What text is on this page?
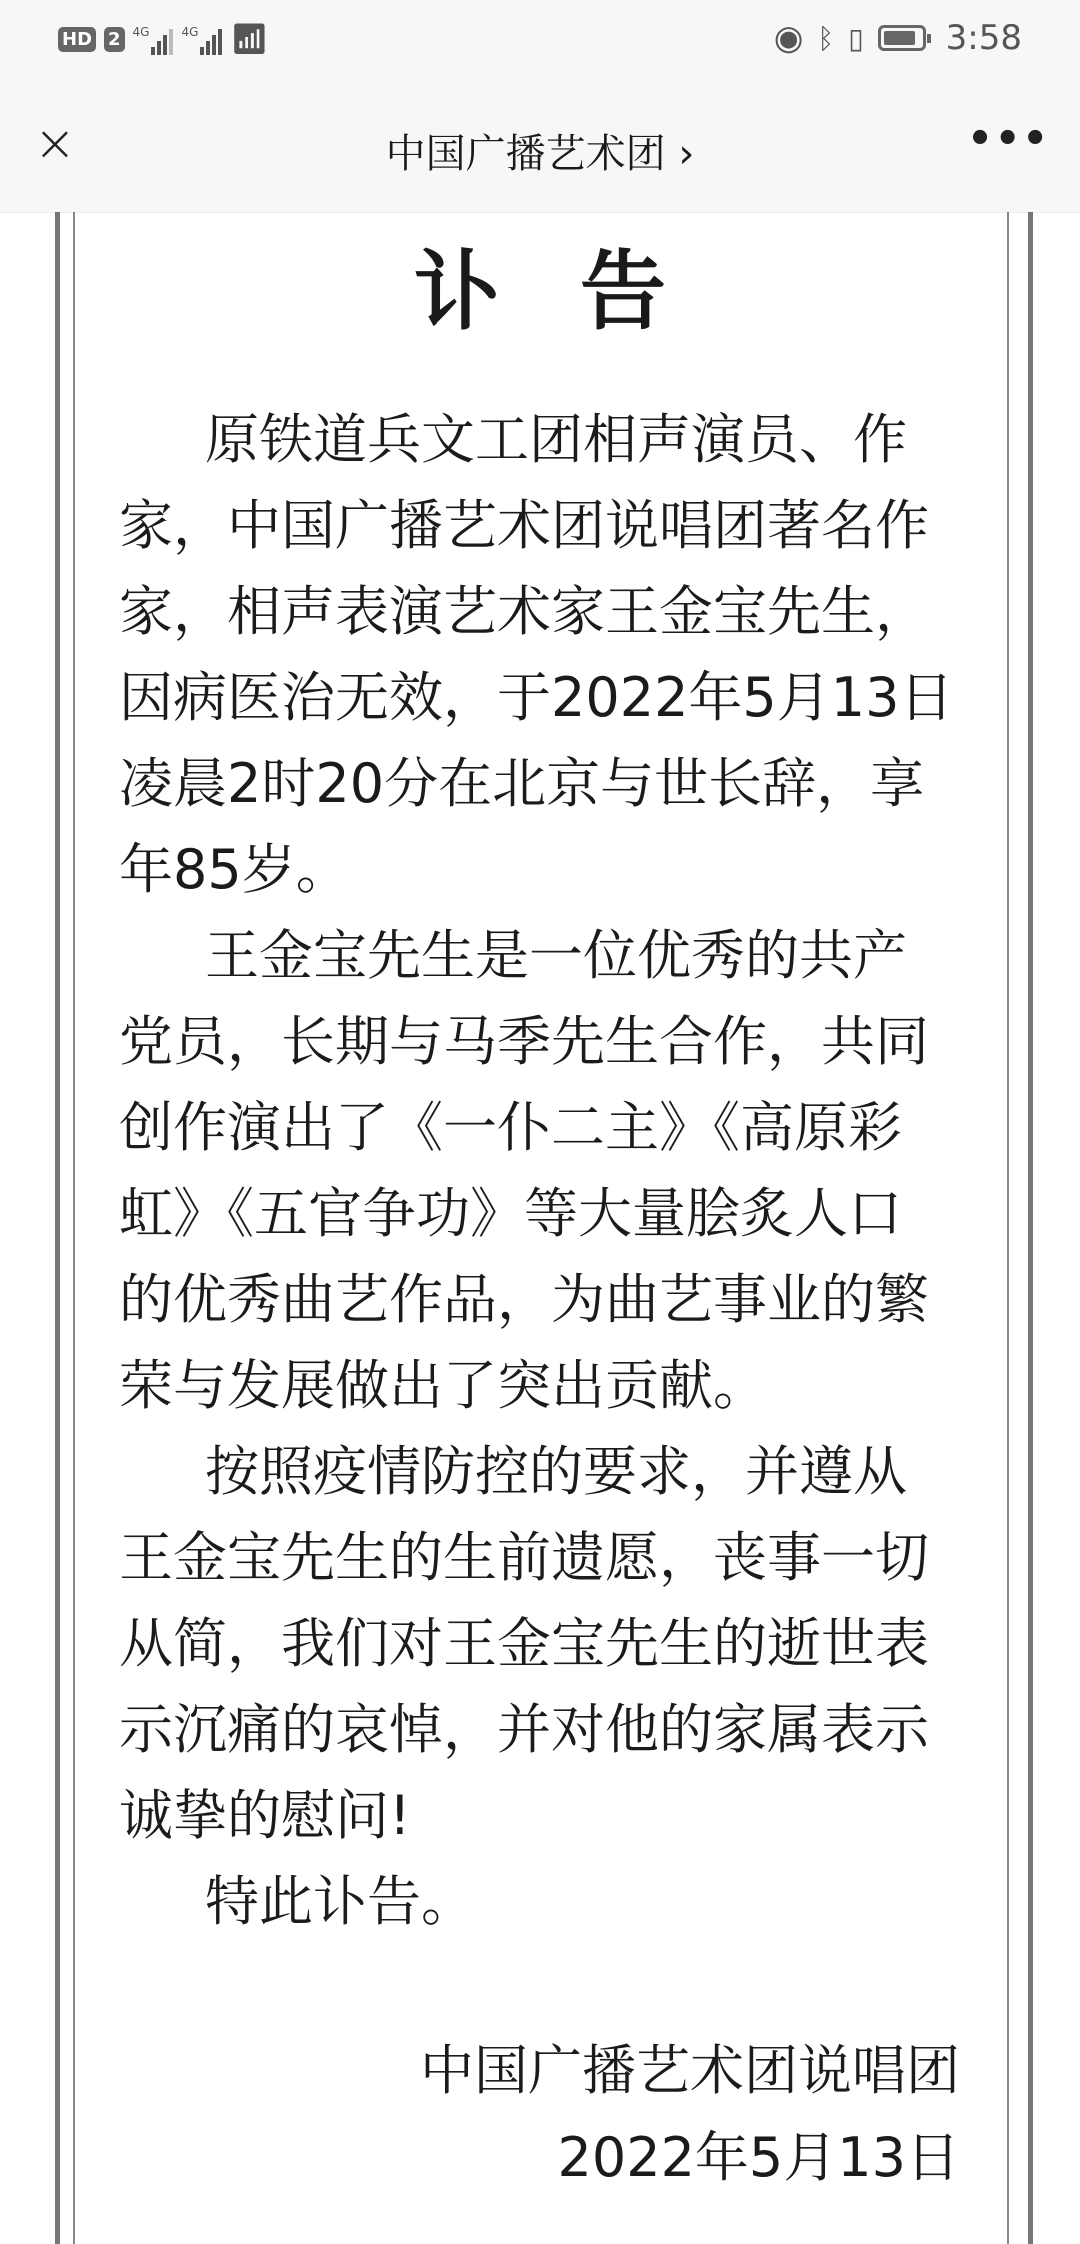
HD 2	4G	4G 📶︎	◉ ᛒ ▯ 3:58
×	中国广播艺术团 ›	•••
讣告
原铁道兵文工团相声演员、作
家，中国广播艺术团说唱团著名作
家，相声表演艺术家王金宝先生，
因病医治无效，于2022年5月13日
凌晨2时20分在北京与世长辞，享
年85岁。
王金宝先生是一位优秀的共产
党员，长期与马季先生合作，共同
创作演出了《一仆二主》《高原彩
虹》《五官争功》等大量脍炙人口
的优秀曲艺作品，为曲艺事业的繁
荣与发展做出了突出贡献。
按照疫情防控的要求，并遵从
王金宝先生的生前遗愿，丧事一切
从简，我们对王金宝先生的逝世表
示沉痛的哀悼，并对他的家属表示
诚挚的慰问!
特此讣告。
中国广播艺术团说唱团
2022年5月13日
